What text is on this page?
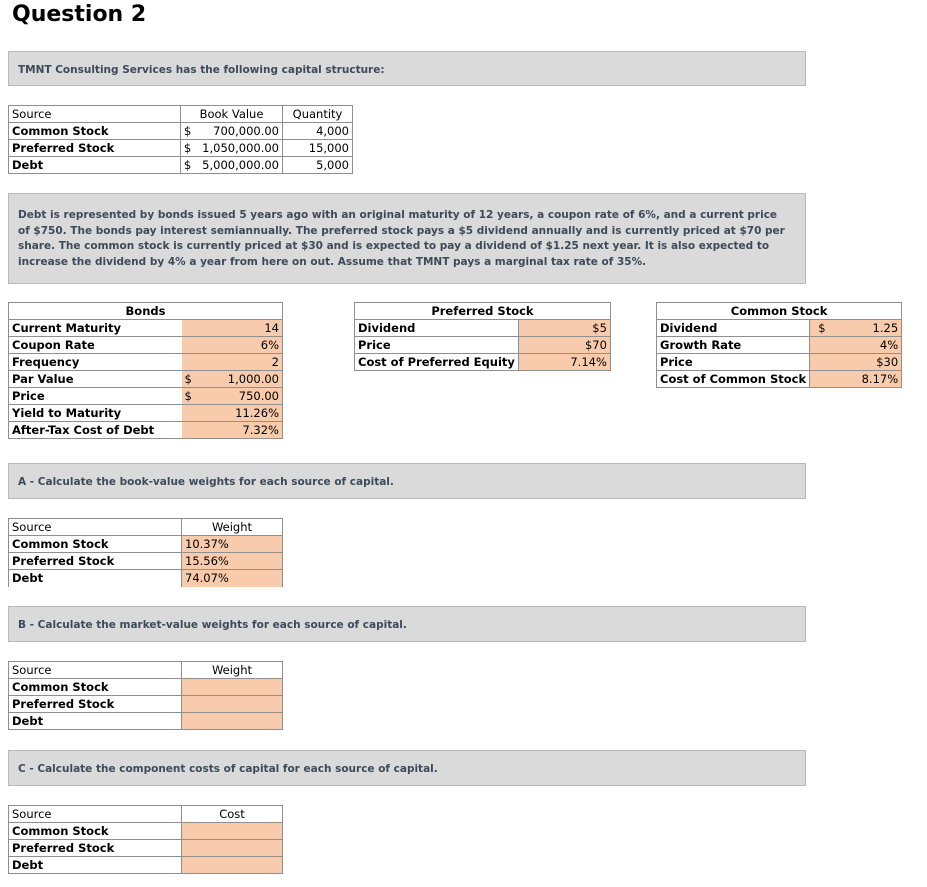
Question 2
TMNT Consulting Services has the following capital structure:
Source	Book Value	Quantity
Common Stock	$ 700,000.00	4,000
Preferred Stock	$ 1,050,000.00	15,000
Debt	$ 5,000,000.00	5,000
Debt is represented by bonds issued 5 years ago with an original maturity of 12 years, a coupon rate of 6%, and a current price of $750. The bonds pay interest semiannually. The preferred stock pays a $5 dividend annually and is currently priced at $70 per share. The common stock is currently priced at $30 and is expected to pay a dividend of $1.25 next year. It is also expected to increase the dividend by 4% a year from here on out. Assume that TMNT pays a marginal tax rate of 35%.
Bonds		
Current Maturity		14
Coupon Rate		6%
Frequency		2
Par Value	$	1,000.00
Price	$	750.00
Yield to Maturity		11.26%
After-Tax Cost of Debt		7.32%
Preferred Stock	
Dividend	$5
Price	$70
Cost of Preferred Equity	7.14%
Common Stock		
Dividend	$	1.25
Growth Rate		4%
Price		$30
Cost of Common Stock		8.17%
A - Calculate the book-value weights for each source of capital.
Source	Weight
Common Stock	10.37%
Preferred Stock	15.56%
Debt	74.07%
B - Calculate the market-value weights for each source of capital.
Source	Weight
Common Stock	
Preferred Stock	
Debt	
C - Calculate the component costs of capital for each source of capital.
Source	Cost
Common Stock	
Preferred Stock	
Debt	
